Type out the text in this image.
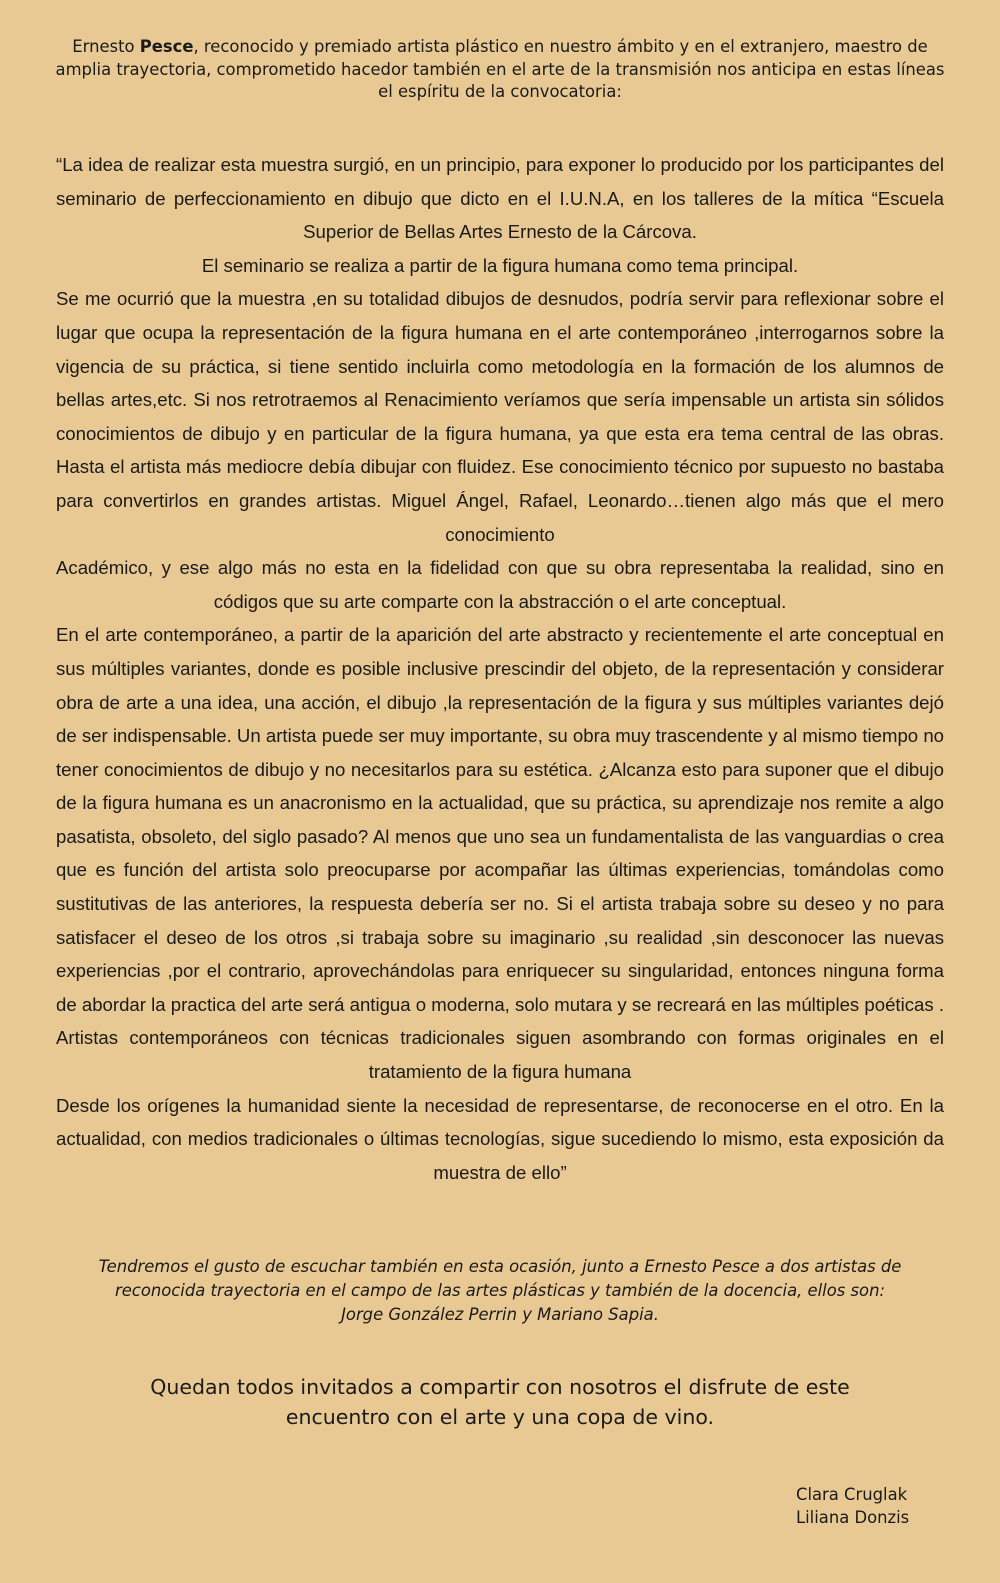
Ernesto Pesce, reconocido y premiado artista plástico en nuestro ámbito y en el extranjero, maestro de amplia trayectoria, comprometido hacedor también en el arte de la transmisión nos anticipa en estas líneas el espíritu de la convocatoria:

“La idea de realizar esta muestra surgió, en un principio, para exponer lo producido por los participantes del seminario de perfeccionamiento en dibujo que dicto en el I.U.N.A, en los talleres de la mítica “Escuela Superior de Bellas Artes Ernesto de la Cárcova.

El seminario se realiza a partir de la figura humana como tema principal.

Se me ocurrió que la muestra ,en su totalidad dibujos de desnudos, podría servir para reflexionar sobre el lugar que ocupa la representación de la figura humana en el arte contemporáneo ,interrogarnos sobre la vigencia de su práctica, si tiene sentido incluirla como metodología en la formación de los alumnos de bellas artes,etc. Si nos retrotraemos al Renacimiento veríamos que sería impensable un artista sin sólidos conocimientos de dibujo y en particular de la figura humana, ya que esta era tema central de las obras. Hasta el artista más mediocre debía dibujar con fluidez. Ese conocimiento técnico por supuesto no bastaba para convertirlos en grandes artistas. Miguel Ángel, Rafael, Leonardo…tienen algo más que el mero conocimiento

Académico, y ese algo más no esta en la fidelidad con que su obra representaba la realidad, sino en códigos que su arte comparte con la abstracción o el arte conceptual.

En el arte contemporáneo, a partir de la aparición del arte abstracto y recientemente el arte conceptual en sus múltiples variantes, donde es posible inclusive prescindir del objeto, de la representación y considerar obra de arte a una idea, una acción, el dibujo ,la representación de la figura y sus múltiples variantes dejó de ser indispensable. Un artista puede ser muy importante, su obra muy trascendente y al mismo tiempo no tener conocimientos de dibujo y no necesitarlos para su estética. ¿Alcanza esto para suponer que el dibujo de la figura humana es un anacronismo en la actualidad, que su práctica, su aprendizaje nos remite a algo pasatista, obsoleto, del siglo pasado? Al menos que uno sea un fundamentalista de las vanguardias o crea que es función del artista solo preocuparse por acompañar las últimas experiencias, tomándolas como sustitutivas de las anteriores, la respuesta debería ser no. Si el artista trabaja sobre su deseo y no para satisfacer el deseo de los otros ,si trabaja sobre su imaginario ,su realidad ,sin desconocer las nuevas experiencias ,por el contrario, aprovechándolas para enriquecer su singularidad, entonces ninguna forma de abordar la practica del arte será antigua o moderna, solo mutara y se recreará en las múltiples poéticas . Artistas contemporáneos con técnicas tradicionales siguen asombrando con formas originales en el tratamiento de la figura humana

Desde los orígenes la humanidad siente la necesidad de representarse, de reconocerse en el otro. En la actualidad, con medios tradicionales o últimas tecnologías, sigue sucediendo lo mismo, esta exposición da muestra de ello”

Tendremos el gusto de escuchar también en esta ocasión, junto a Ernesto Pesce a dos artistas de
reconocida trayectoria en el campo de las artes plásticas y también de la docencia, ellos son:
Jorge González Perrin y Mariano Sapia.
Quedan todos invitados a compartir con nosotros el disfrute de este
encuentro con el arte y una copa de vino.
Clara Cruglak
Liliana Donzis
